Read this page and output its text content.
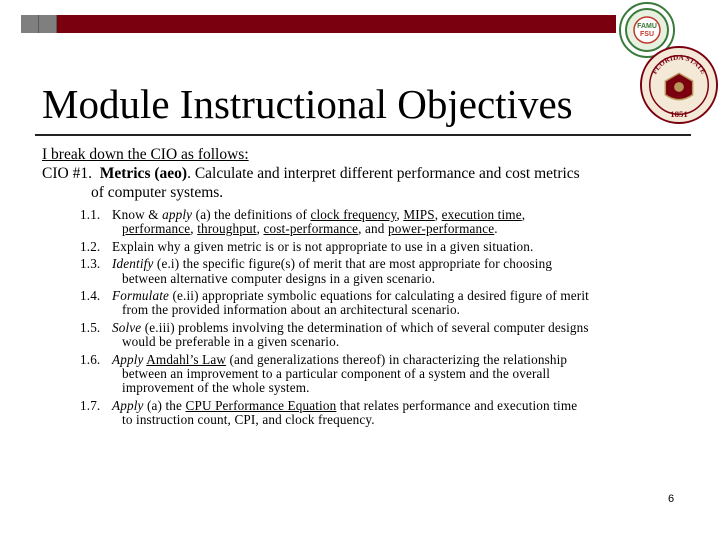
FAMU
FSU
FLORIDA STATE
1851
Module Instructional Objectives
I break down the CIO as follows:
CIO #1. Metrics (aeo). Calculate and interpret different performance and cost metrics
of computer systems.
1.1. Know & apply (a) the definitions of clock frequency, MIPS, execution time,
performance, throughput, cost-performance, and power-performance.
1.2. Explain why a given metric is or is not appropriate to use in a given situation.
1.3. Identify (e.i) the specific figure(s) of merit that are most appropriate for choosing
between alternative computer designs in a given scenario.
1.4. Formulate (e.ii) appropriate symbolic equations for calculating a desired figure of merit
from the provided information about an architectural scenario.
1.5. Solve (e.iii) problems involving the determination of which of several computer designs
would be preferable in a given scenario.
1.6. Apply Amdahl’s Law (and generalizations thereof) in characterizing the relationship
between an improvement to a particular component of a system and the overall
improvement of the whole system.
1.7. Apply (a) the CPU Performance Equation that relates performance and execution time
to instruction count, CPI, and clock frequency.
6
